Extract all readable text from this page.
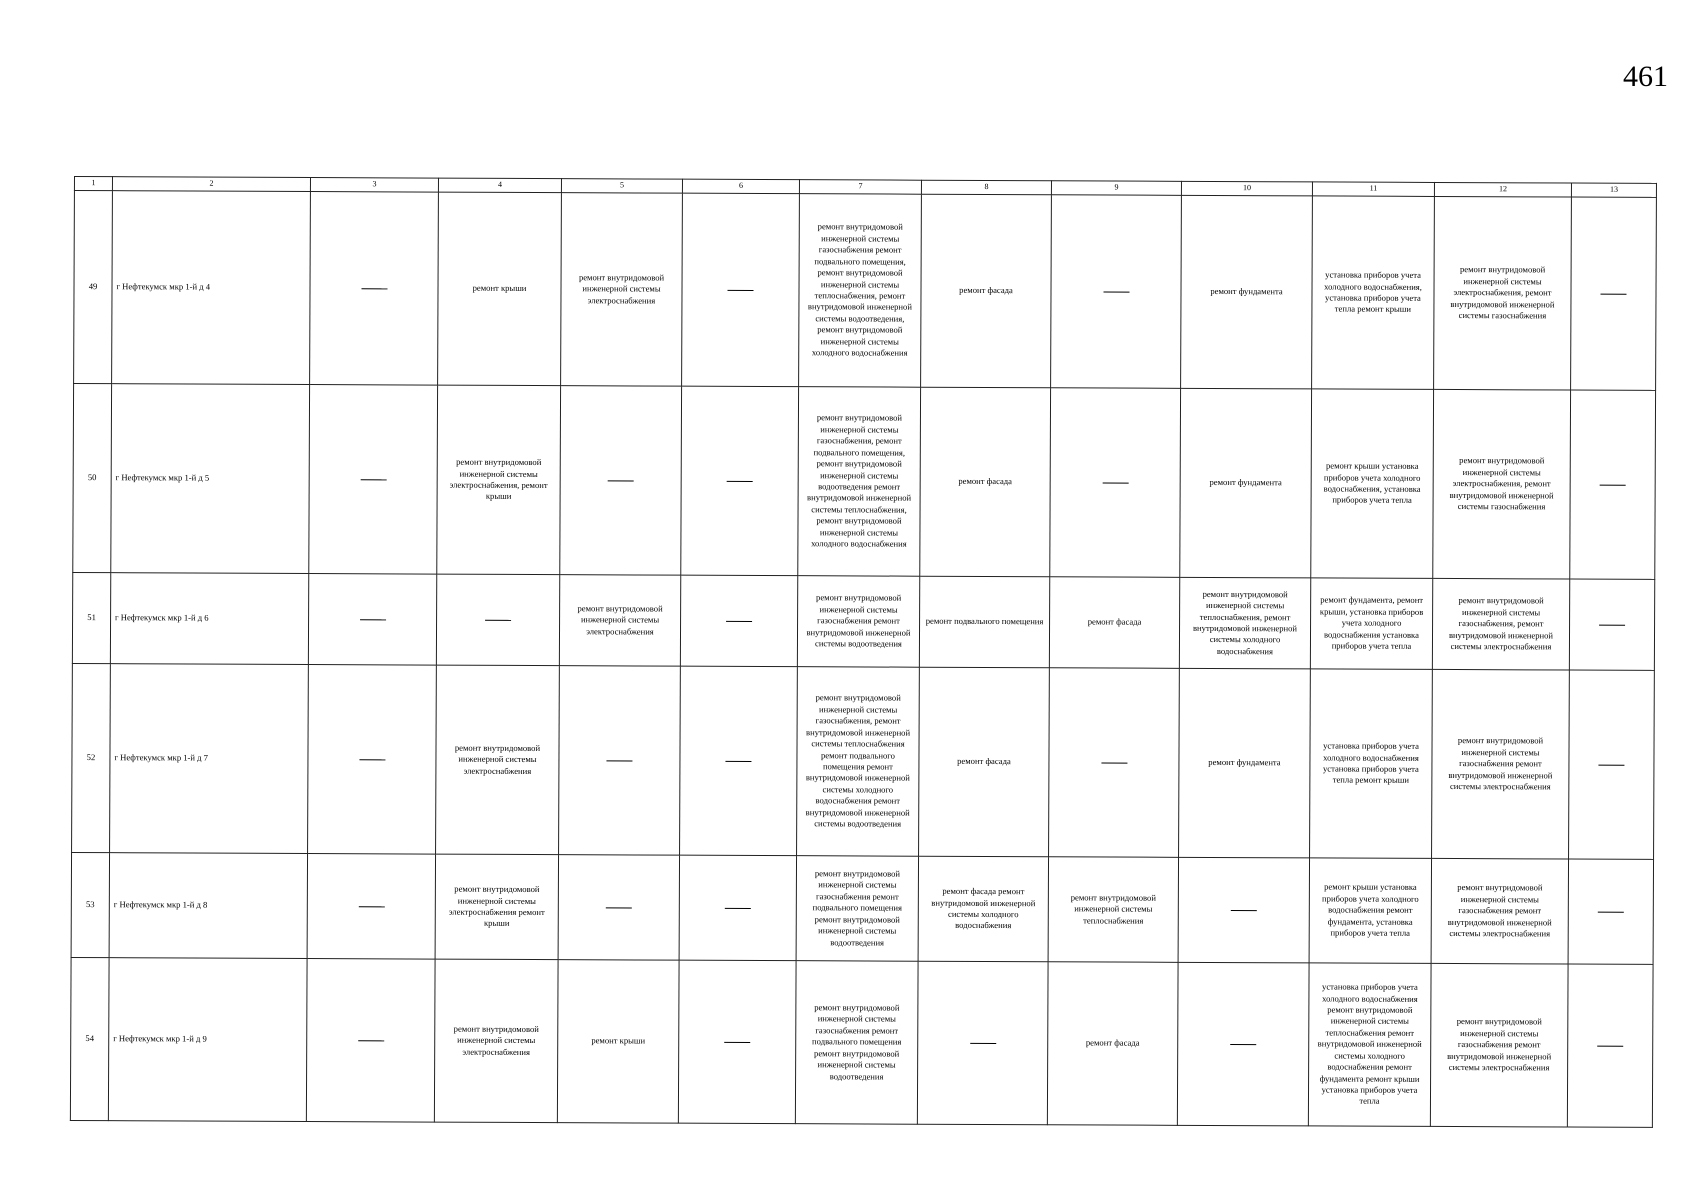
461
1	2	3	4	5	6	7	8	9	10	11	12	13
49	г Нефтекумск мкр 1-й д 4		ремонт крыши	ремонт внутридомовой инженерной системы электроснабжения		ремонт внутридомовой инженерной системы газоснабжения ремонт подвального помещения, ремонт внутридомовой инженерной системы теплоснабжения, ремонт внутридомовой инженерной системы водоотведения, ремонт внутридомовой инженерной системы холодного водоснабжения	ремонт фасада		ремонт фундамента	установка приборов учета холодного водоснабжения, установка приборов учета тепла ремонт крыши	ремонт внутридомовой инженерной системы электроснабжения, ремонт внутридомовой инженерной системы газоснабжения	
50	г Нефтекумск мкр 1-й д 5		ремонт внутридомовой инженерной системы электроснабжения, ремонт крыши			ремонт внутридомовой инженерной системы газоснабжения, ремонт подвального помещения, ремонт внутридомовой инженерной системы водоотведения ремонт внутридомовой инженерной системы теплоснабжения, ремонт внутридомовой инженерной системы холодного водоснабжения	ремонт фасада		ремонт фундамента	ремонт крыши установка приборов учета холодного водоснабжения, установка приборов учета тепла	ремонт внутридомовой инженерной системы электроснабжения, ремонт внутридомовой инженерной системы газоснабжения	
51	г Нефтекумск мкр 1-й д 6			ремонт внутридомовой инженерной системы электроснабжения		ремонт внутридомовой инженерной системы газоснабжения ремонт внутридомовой инженерной системы водоотведения	ремонт подвального помещения	ремонт фасада	ремонт внутридомовой инженерной системы теплоснабжения, ремонт внутридомовой инженерной системы холодного водоснабжения	ремонт фундамента, ремонт крыши, установка приборов учета холодного водоснабжения установка приборов учета тепла	ремонт внутридомовой инженерной системы газоснабжения, ремонт внутридомовой инженерной системы электроснабжения	
52	г Нефтекумск мкр 1-й д 7		ремонт внутридомовой инженерной системы электроснабжения			ремонт внутридомовой инженерной системы газоснабжения, ремонт внутридомовой инженерной системы теплоснабжения ремонт подвального помещения ремонт внутридомовой инженерной системы холодного водоснабжения ремонт внутридомовой инженерной системы водоотведения	ремонт фасада		ремонт фундамента	установка приборов учета холодного водоснабжения установка приборов учета тепла ремонт крыши	ремонт внутридомовой инженерной системы газоснабжения ремонт внутридомовой инженерной системы электроснабжения	
53	г Нефтекумск мкр 1-й д 8		ремонт внутридомовой инженерной системы электроснабжения ремонт крыши			ремонт внутридомовой инженерной системы газоснабжения ремонт подвального помещения ремонт внутридомовой инженерной системы водоотведения	ремонт фасада ремонт внутридомовой инженерной системы холодного водоснабжения	ремонт внутридомовой инженерной системы теплоснабжения		ремонт крыши установка приборов учета холодного водоснабжения ремонт фундамента, установка приборов учета тепла	ремонт внутридомовой инженерной системы газоснабжения ремонт внутридомовой инженерной системы электроснабжения	
54	г Нефтекумск мкр 1-й д 9		ремонт внутридомовой инженерной системы электроснабжения	ремонт крыши		ремонт внутридомовой инженерной системы газоснабжения ремонт подвального помещения ремонт внутридомовой инженерной системы водоотведения		ремонт фасада		установка приборов учета холодного водоснабжения ремонт внутридомовой инженерной системы теплоснабжения ремонт внутридомовой инженерной системы холодного водоснабжения ремонт фундамента ремонт крыши установка приборов учета тепла	ремонт внутридомовой инженерной системы газоснабжения ремонт внутридомовой инженерной системы электроснабжения	
